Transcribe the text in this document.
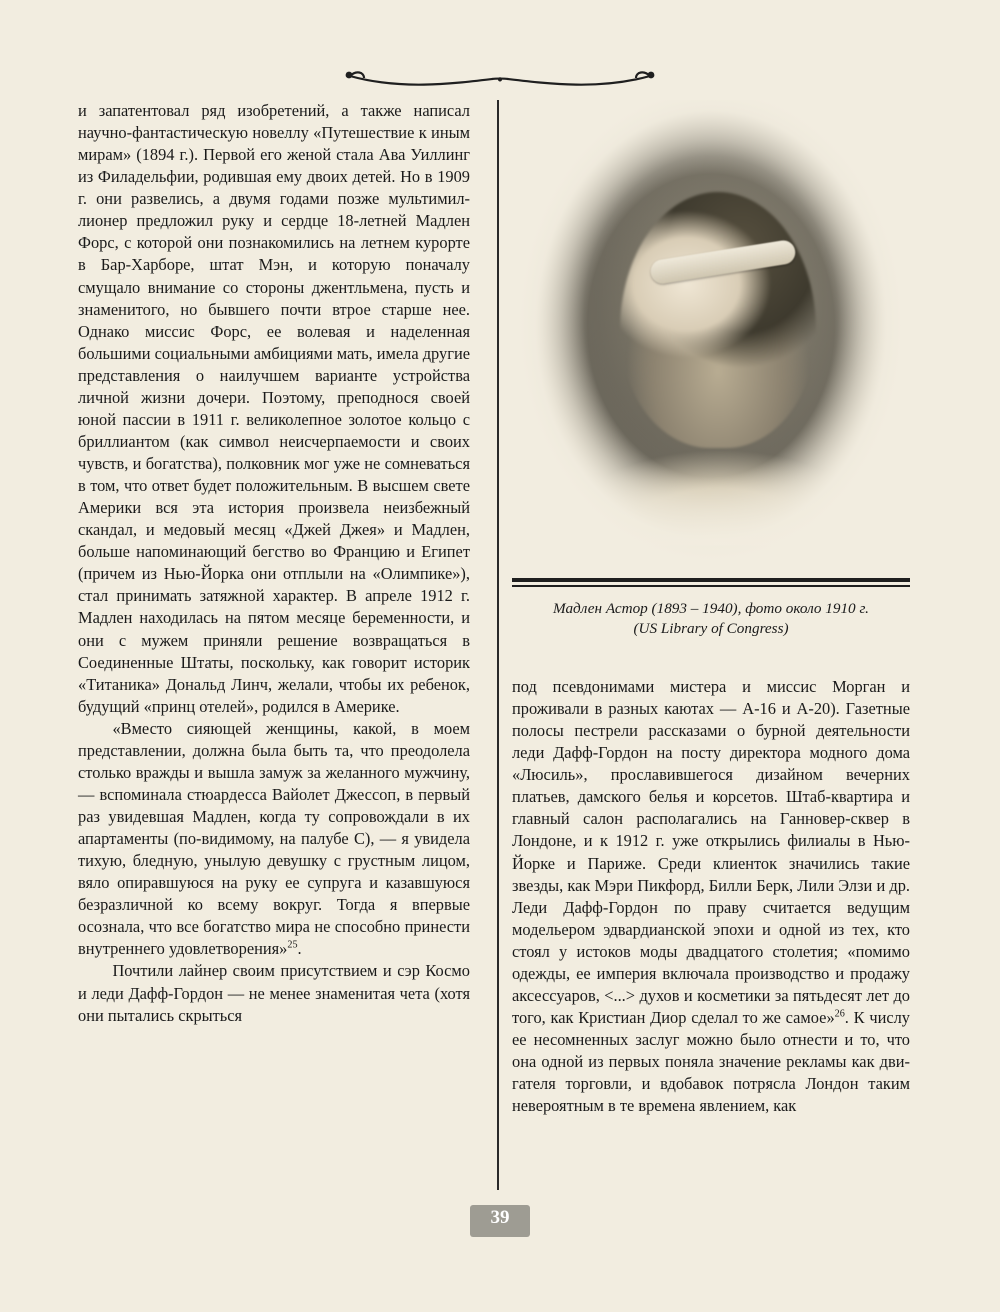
и запатентовал ряд изобретений, а также написал научно-фантастическую новеллу «Путешествие к иным мирам» (1894 г.). Первой его женой стала Ава Уиллинг из Филадельфии, родившая ему двоих детей. Но в 1909 г. они развелись, а двумя годами позже мультимиллионер предложил руку и сердце 18-летней Мадлен Форс, с которой они познакомились на летнем курорте в Бар-Харборе, штат Мэн, и которую поначалу смущало внимание со стороны джентльмена, пусть и знаменитого, но бывшего почти втрое старше нее. Однако миссис Форс, ее волевая и наделенная большими социальными амбициями мать, имела другие представления о наилучшем варианте устройства личной жизни дочери. Поэтому, преподнося своей юной пассии в 1911 г. великолепное золотое кольцо с бриллиантом (как символ неисчерпаемости и своих чувств, и богатства), полковник мог уже не сомневаться в том, что ответ будет положительным. В высшем свете Америки вся эта история произвела неизбежный скандал, и медовый месяц «Джей Джея» и Мадлен, больше напоминающий бегство во Францию и Египет (причем из Нью-Йорка они отплыли на «Олимпике»), стал принимать затяжной характер. В апреле 1912 г. Мадлен находилась на пятом месяце беременности, и они с мужем приняли решение возвращаться в Соединенные Штаты, поскольку, как говорит историк «Титаника» Дональд Линч, желали, чтобы их ребенок, будущий «принц отелей», родился в Америке.

«Вместо сияющей женщины, какой, в моем представлении, должна была быть та, что преодолела столько вражды и вышла замуж за желанного мужчину, — вспоминала стюардесса Вайолет Джессоп, в первый раз увидевшая Мадлен, когда ту сопровождали в их апартаменты (по-видимому, на палубе С), — я увидела тихую, бледную, унылую девушку с грустным лицом, вяло опиравшуюся на руку ее супруга и казавшуюся безразличной ко всему вокруг. Тогда я впервые осознала, что все богатство мира не способно принести внутреннего удовлетворения»$^{25}$.

Почтили лайнер своим присутствием и сэр Космо и леди Дафф-Гордон — не менее знаменитая чета (хотя они пытались скрыться

Мадлен Астор (1893 – 1940), фото около 1910 г.
(US Library of Congress)

под псевдонимами мистера и миссис Морган и проживали в разных каютах — А-16 и А-20). Газетные полосы пестрели рассказами о бурной деятельности леди Дафф-Гордон на посту директора модного дома «Люсиль», прославившегося дизайном вечерних платьев, дамского белья и корсетов. Штаб-квартира и главный салон располагались на Ганновер-сквер в Лондоне, и к 1912 г. уже открылись филиалы в Нью-Йорке и Париже. Среди клиенток значились такие звезды, как Мэри Пикфорд, Билли Берк, Лили Элзи и др. Леди Дафф-Гордон по праву считается ведущим модельером эдвардианской эпохи и одной из тех, кто стоял у истоков моды двадцатого столетия; «помимо одежды, ее империя включала производство и продажу аксессуаров, <...> духов и косметики за пятьдесят лет до того, как Кристиан Диор сделал то же самое»$^{26}$. К числу ее несомненных заслуг можно было отнести и то, что она одной из первых поняла значение рекламы как двигателя торговли, и вдобавок потрясла Лондон таким невероятным в те времена явлением, как

39
